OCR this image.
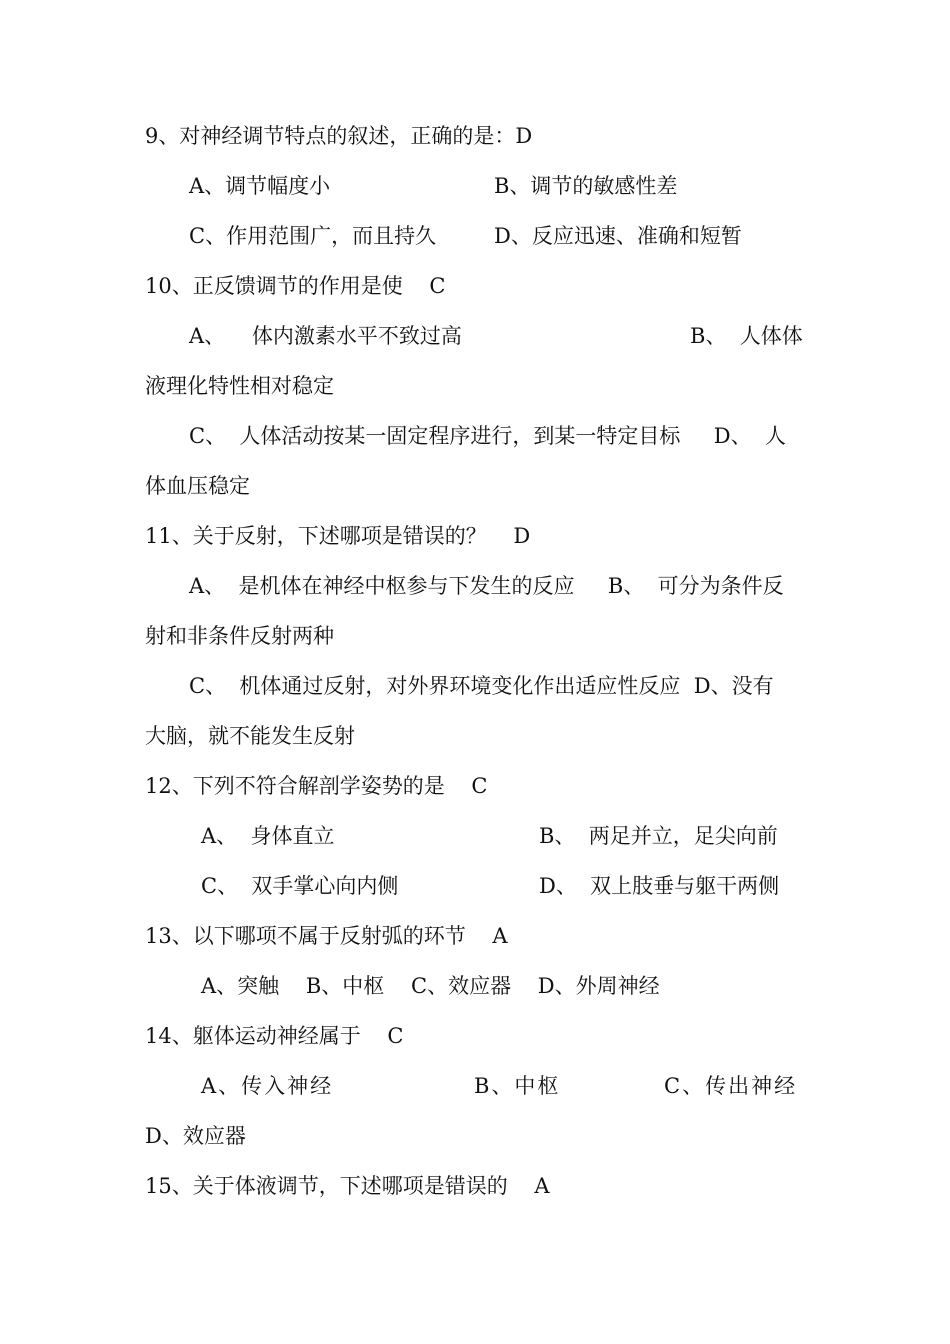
9、对神经调节特点的叙述，正确的是：D
A、调节幅度小	B、调节的敏感性差
C、作用范围广，而且持久	D、反应迅速、准确和短暂
10、正反馈调节的作用是使    C
A、    体内激素水平不致过高	B、  人体体
液理化特性相对稳定
C、  人体活动按某一固定程序进行，到某一特定目标     D、  人
体血压稳定
11、关于反射，下述哪项是错误的？    D
A、  是机体在神经中枢参与下发生的反应     B、  可分为条件反
射和非条件反射两种
C、  机体通过反射，对外界环境变化作出适应性反应  D、没有
大脑，就不能发生反射
12、下列不符合解剖学姿势的是    C
A、  身体直立	B、  两足并立，足尖向前
C、  双手掌心向内侧	D、  双上肢垂与躯干两侧
13、以下哪项不属于反射弧的环节    A
A、突触    B、中枢    C、效应器    D、外周神经
14、躯体运动神经属于    C
A、传入神经	B、中枢	C、传出神经
D、效应器
15、关于体液调节，下述哪项是错误的    A
